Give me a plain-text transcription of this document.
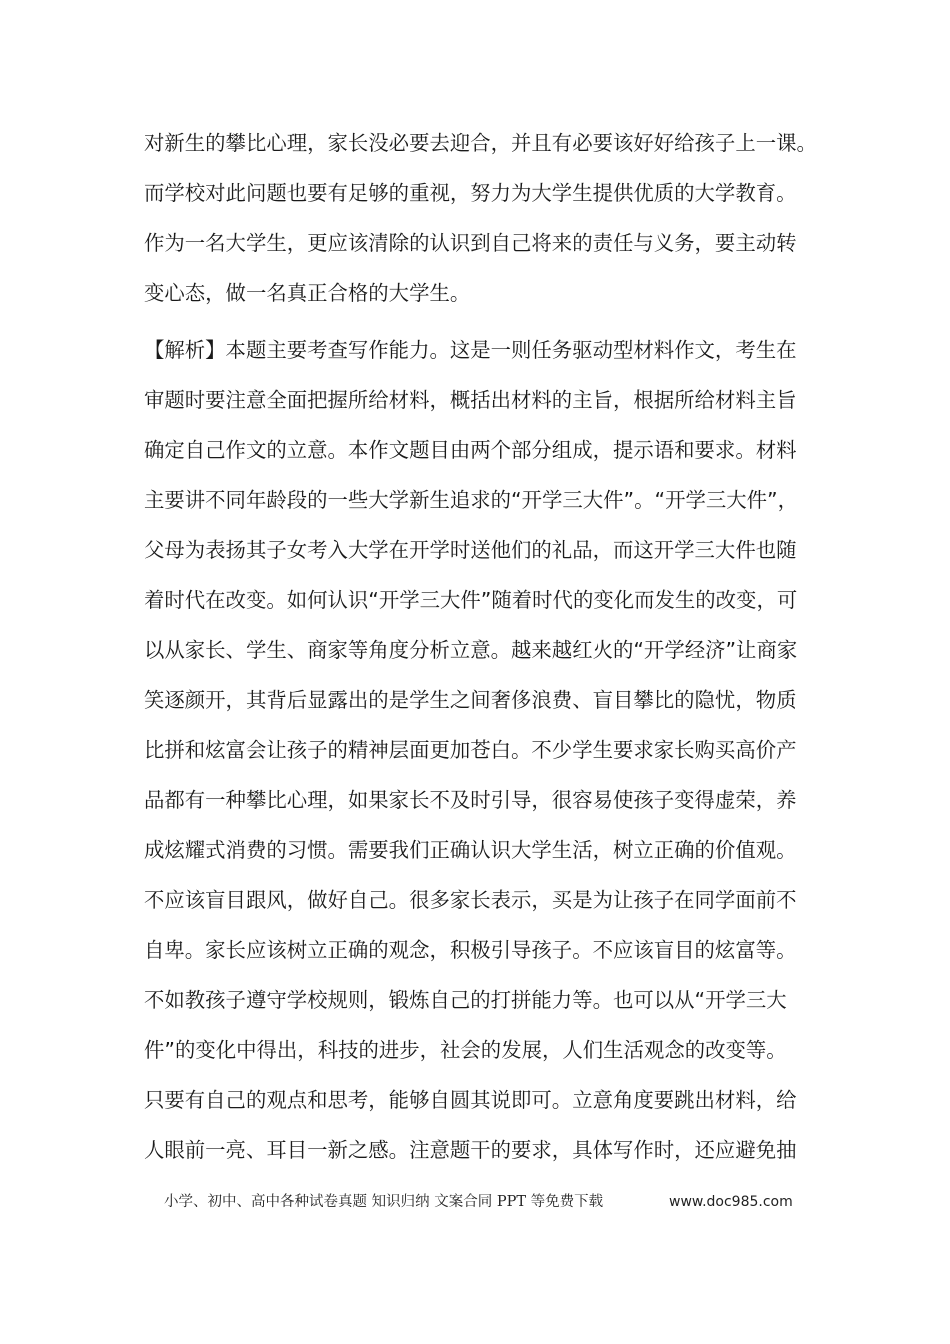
对新生的攀比心理，家长没必要去迎合，并且有必要该好好给孩子上一课。
而学校对此问题也要有足够的重视，努力为大学生提供优质的大学教育。
作为一名大学生，更应该清除的认识到自己将来的责任与义务，要主动转
变心态，做一名真正合格的大学生。
【解析】本题主要考查写作能力。这是一则任务驱动型材料作文，考生在
审题时要注意全面把握所给材料，概括出材料的主旨，根据所给材料主旨
确定自己作文的立意。本作文题目由两个部分组成，提示语和要求。材料
主要讲不同年龄段的一些大学新生追求的“开学三大件”。“开学三大件”，
父母为表扬其子女考入大学在开学时送他们的礼品，而这开学三大件也随
着时代在改变。如何认识“开学三大件”随着时代的变化而发生的改变，可
以从家长、学生、商家等角度分析立意。越来越红火的“开学经济”让商家
笑逐颜开，其背后显露出的是学生之间奢侈浪费、盲目攀比的隐忧，物质
比拼和炫富会让孩子的精神层面更加苍白。不少学生要求家长购买高价产
品都有一种攀比心理，如果家长不及时引导，很容易使孩子变得虚荣，养
成炫耀式消费的习惯。需要我们正确认识大学生活，树立正确的价值观。
不应该盲目跟风，做好自己。很多家长表示，买是为让孩子在同学面前不
自卑。家长应该树立正确的观念，积极引导孩子。不应该盲目的炫富等。
不如教孩子遵守学校规则，锻炼自己的打拼能力等。也可以从“开学三大
件”的变化中得出，科技的进步，社会的发展，人们生活观念的改变等。
只要有自己的观点和思考，能够自圆其说即可。立意角度要跳出材料，给
人眼前一亮、耳目一新之感。注意题干的要求，具体写作时，还应避免抽
小学、初中、高中各种试卷真题 知识归纳 文案合同 PPT 等免费下载	www.doc985.com
